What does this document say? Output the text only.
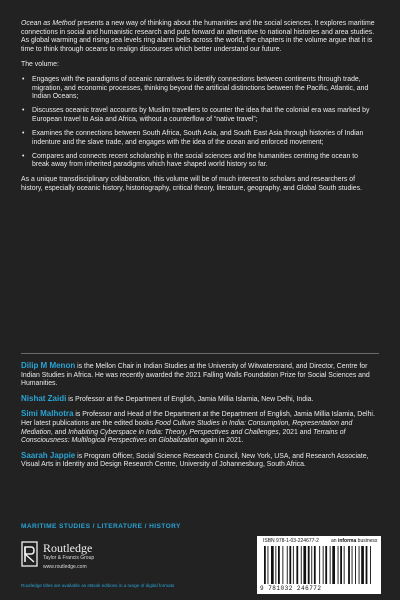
Ocean as Method presents a new way of thinking about the humanities and the social sciences. It explores maritime connections in social and humanistic research and puts forward an alternative to national histories and area studies. As global warming and rising sea levels ring alarm bells across the world, the chapters in the volume argue that it is time to think through oceans to realign discourses which better understand our future.

The volume:

• Engages with the paradigms of oceanic narratives to identify connections between continents through trade, migration, and economic processes, thinking beyond the artificial distinctions between the Pacific, Atlantic, and Indian Oceans;
• Discusses oceanic travel accounts by Muslim travellers to counter the idea that the colonial era was marked by European travel to Asia and Africa, without a counterflow of “native travel”;
• Examines the connections between South Africa, South Asia, and South East Asia through histories of Indian indenture and the slave trade, and engages with the idea of the ocean and enforced movement;
• Compares and connects recent scholarship in the social sciences and the humanities centring the ocean to break away from inherited paradigms which have shaped world history so far.

As a unique transdisciplinary collaboration, this volume will be of much interest to scholars and researchers of history, especially oceanic history, historiography, critical theory, literature, geography, and Global South studies.

Dilip M Menon is the Mellon Chair in Indian Studies at the University of Witwatersrand, and Director, Centre for Indian Studies in Africa. He was recently awarded the 2021 Falling Walls Foundation Prize for Social Sciences and Humanities.

Nishat Zaidi is Professor at the Department of English, Jamia Millia Islamia, New Delhi, India.

Simi Malhotra is Professor and Head of the Department at the Department of English, Jamia Millia Islamia, Delhi. Her latest publications are the edited books Food Culture Studies in India: Consumption, Representation and Mediation, and Inhabiting Cyberspace in India: Theory, Perspectives and Challenges, 2021 and Terrains of Consciousness: Multilogical Perspectives on Globalization again in 2021.

Saarah Jappie is Program Officer, Social Science Research Council, New York, USA, and Research Associate, Visual Arts in Identity and Design Research Centre, University of Johannesburg, South Africa.

MARITIME STUDIES / LITERATURE / HISTORY
Routledge
Taylor & Francis Group
www.routledge.com
Routledge titles are available as eBook editions in a range of digital formats
ISBN 978-1-03-224677-2 an informa business
9 781032 246772
